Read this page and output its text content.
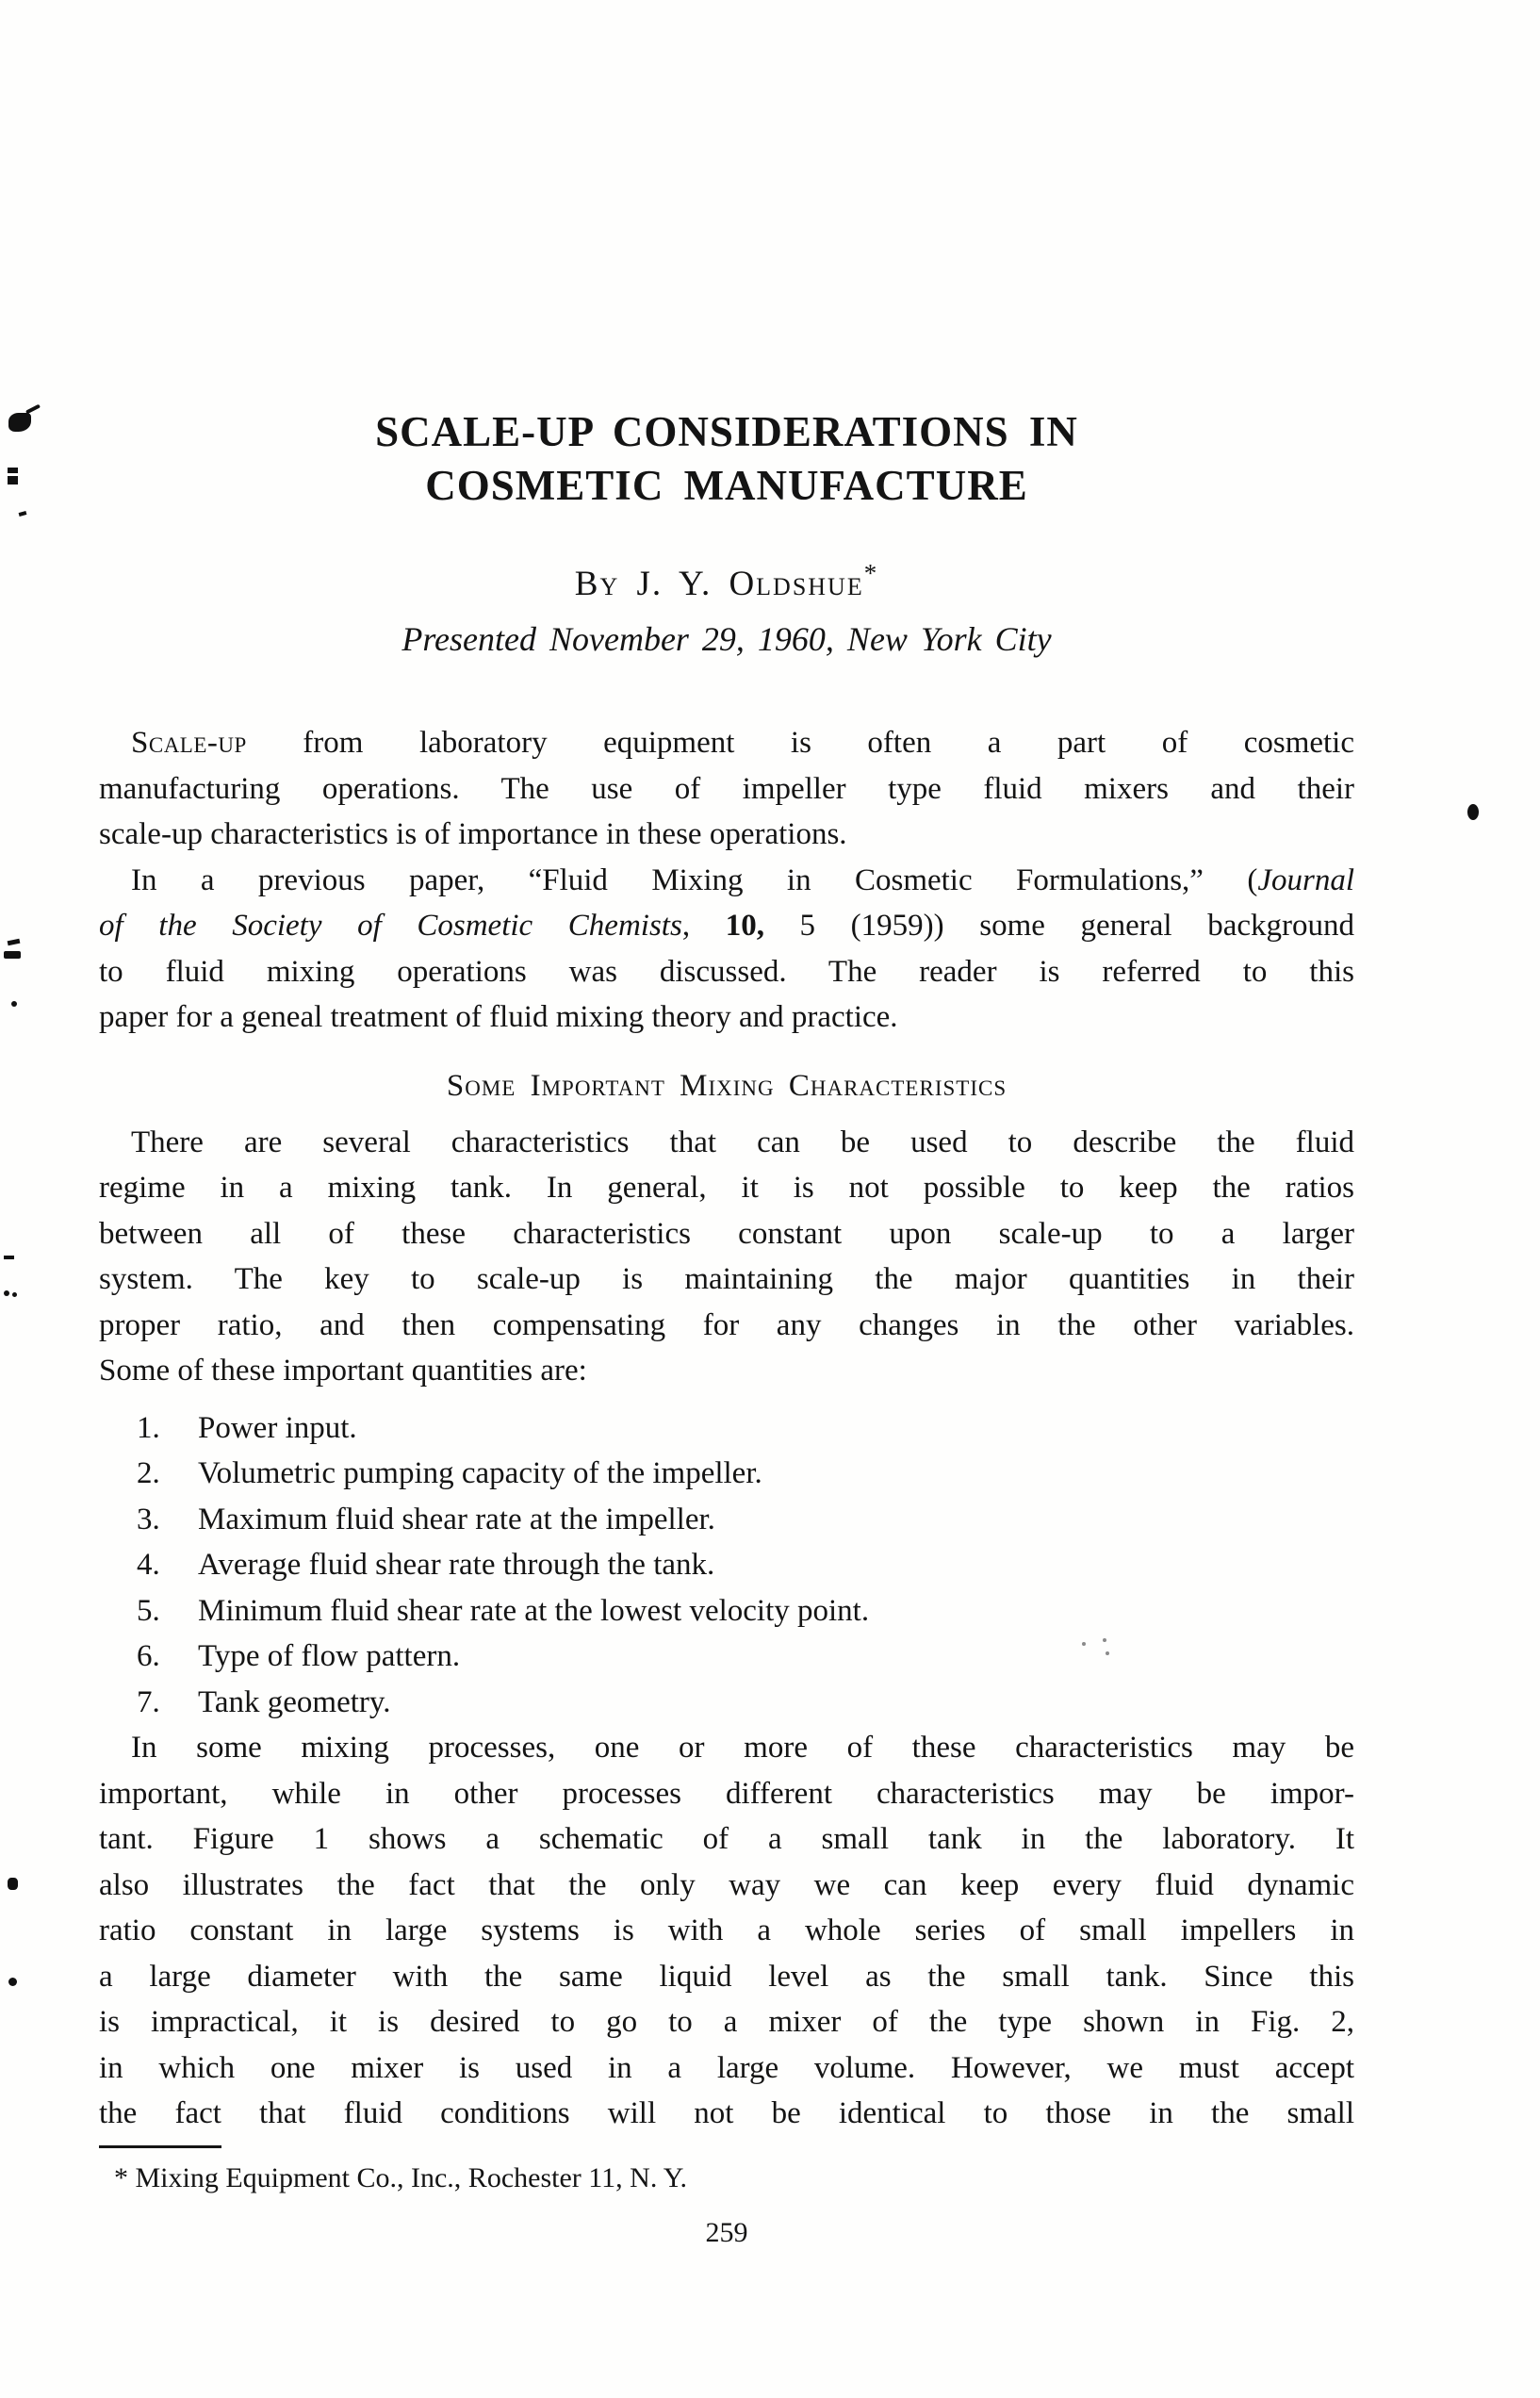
SCALE-UP CONSIDERATIONS IN
COSMETIC MANUFACTURE
By J. Y. Oldshue*
Presented November 29, 1960, New York City
Scale-up from laboratory equipment is often a part of cosmetic
manufacturing operations. The use of impeller type fluid mixers and their
scale-up characteristics is of importance in these operations.
In a previous paper, “Fluid Mixing in Cosmetic Formulations,” (Journal
of the Society of Cosmetic Chemists, 10, 5 (1959)) some general background
to fluid mixing operations was discussed. The reader is referred to this
paper for a geneal treatment of fluid mixing theory and practice.
Some Important Mixing Characteristics
There are several characteristics that can be used to describe the fluid
regime in a mixing tank. In general, it is not possible to keep the ratios
between all of these characteristics constant upon scale-up to a larger
system. The key to scale-up is maintaining the major quantities in their
proper ratio, and then compensating for any changes in the other variables.
Some of these important quantities are:
1. Power input.
2. Volumetric pumping capacity of the impeller.
3. Maximum fluid shear rate at the impeller.
4. Average fluid shear rate through the tank.
5. Minimum fluid shear rate at the lowest velocity point.
6. Type of flow pattern.
7. Tank geometry.
In some mixing processes, one or more of these characteristics may be
important, while in other processes different characteristics may be impor-
tant. Figure 1 shows a schematic of a small tank in the laboratory. It
also illustrates the fact that the only way we can keep every fluid dynamic
ratio constant in large systems is with a whole series of small impellers in
a large diameter with the same liquid level as the small tank. Since this
is impractical, it is desired to go to a mixer of the type shown in Fig. 2,
in which one mixer is used in a large volume. However, we must accept
the fact that fluid conditions will not be identical to those in the small
* Mixing Equipment Co., Inc., Rochester 11, N. Y.
259
